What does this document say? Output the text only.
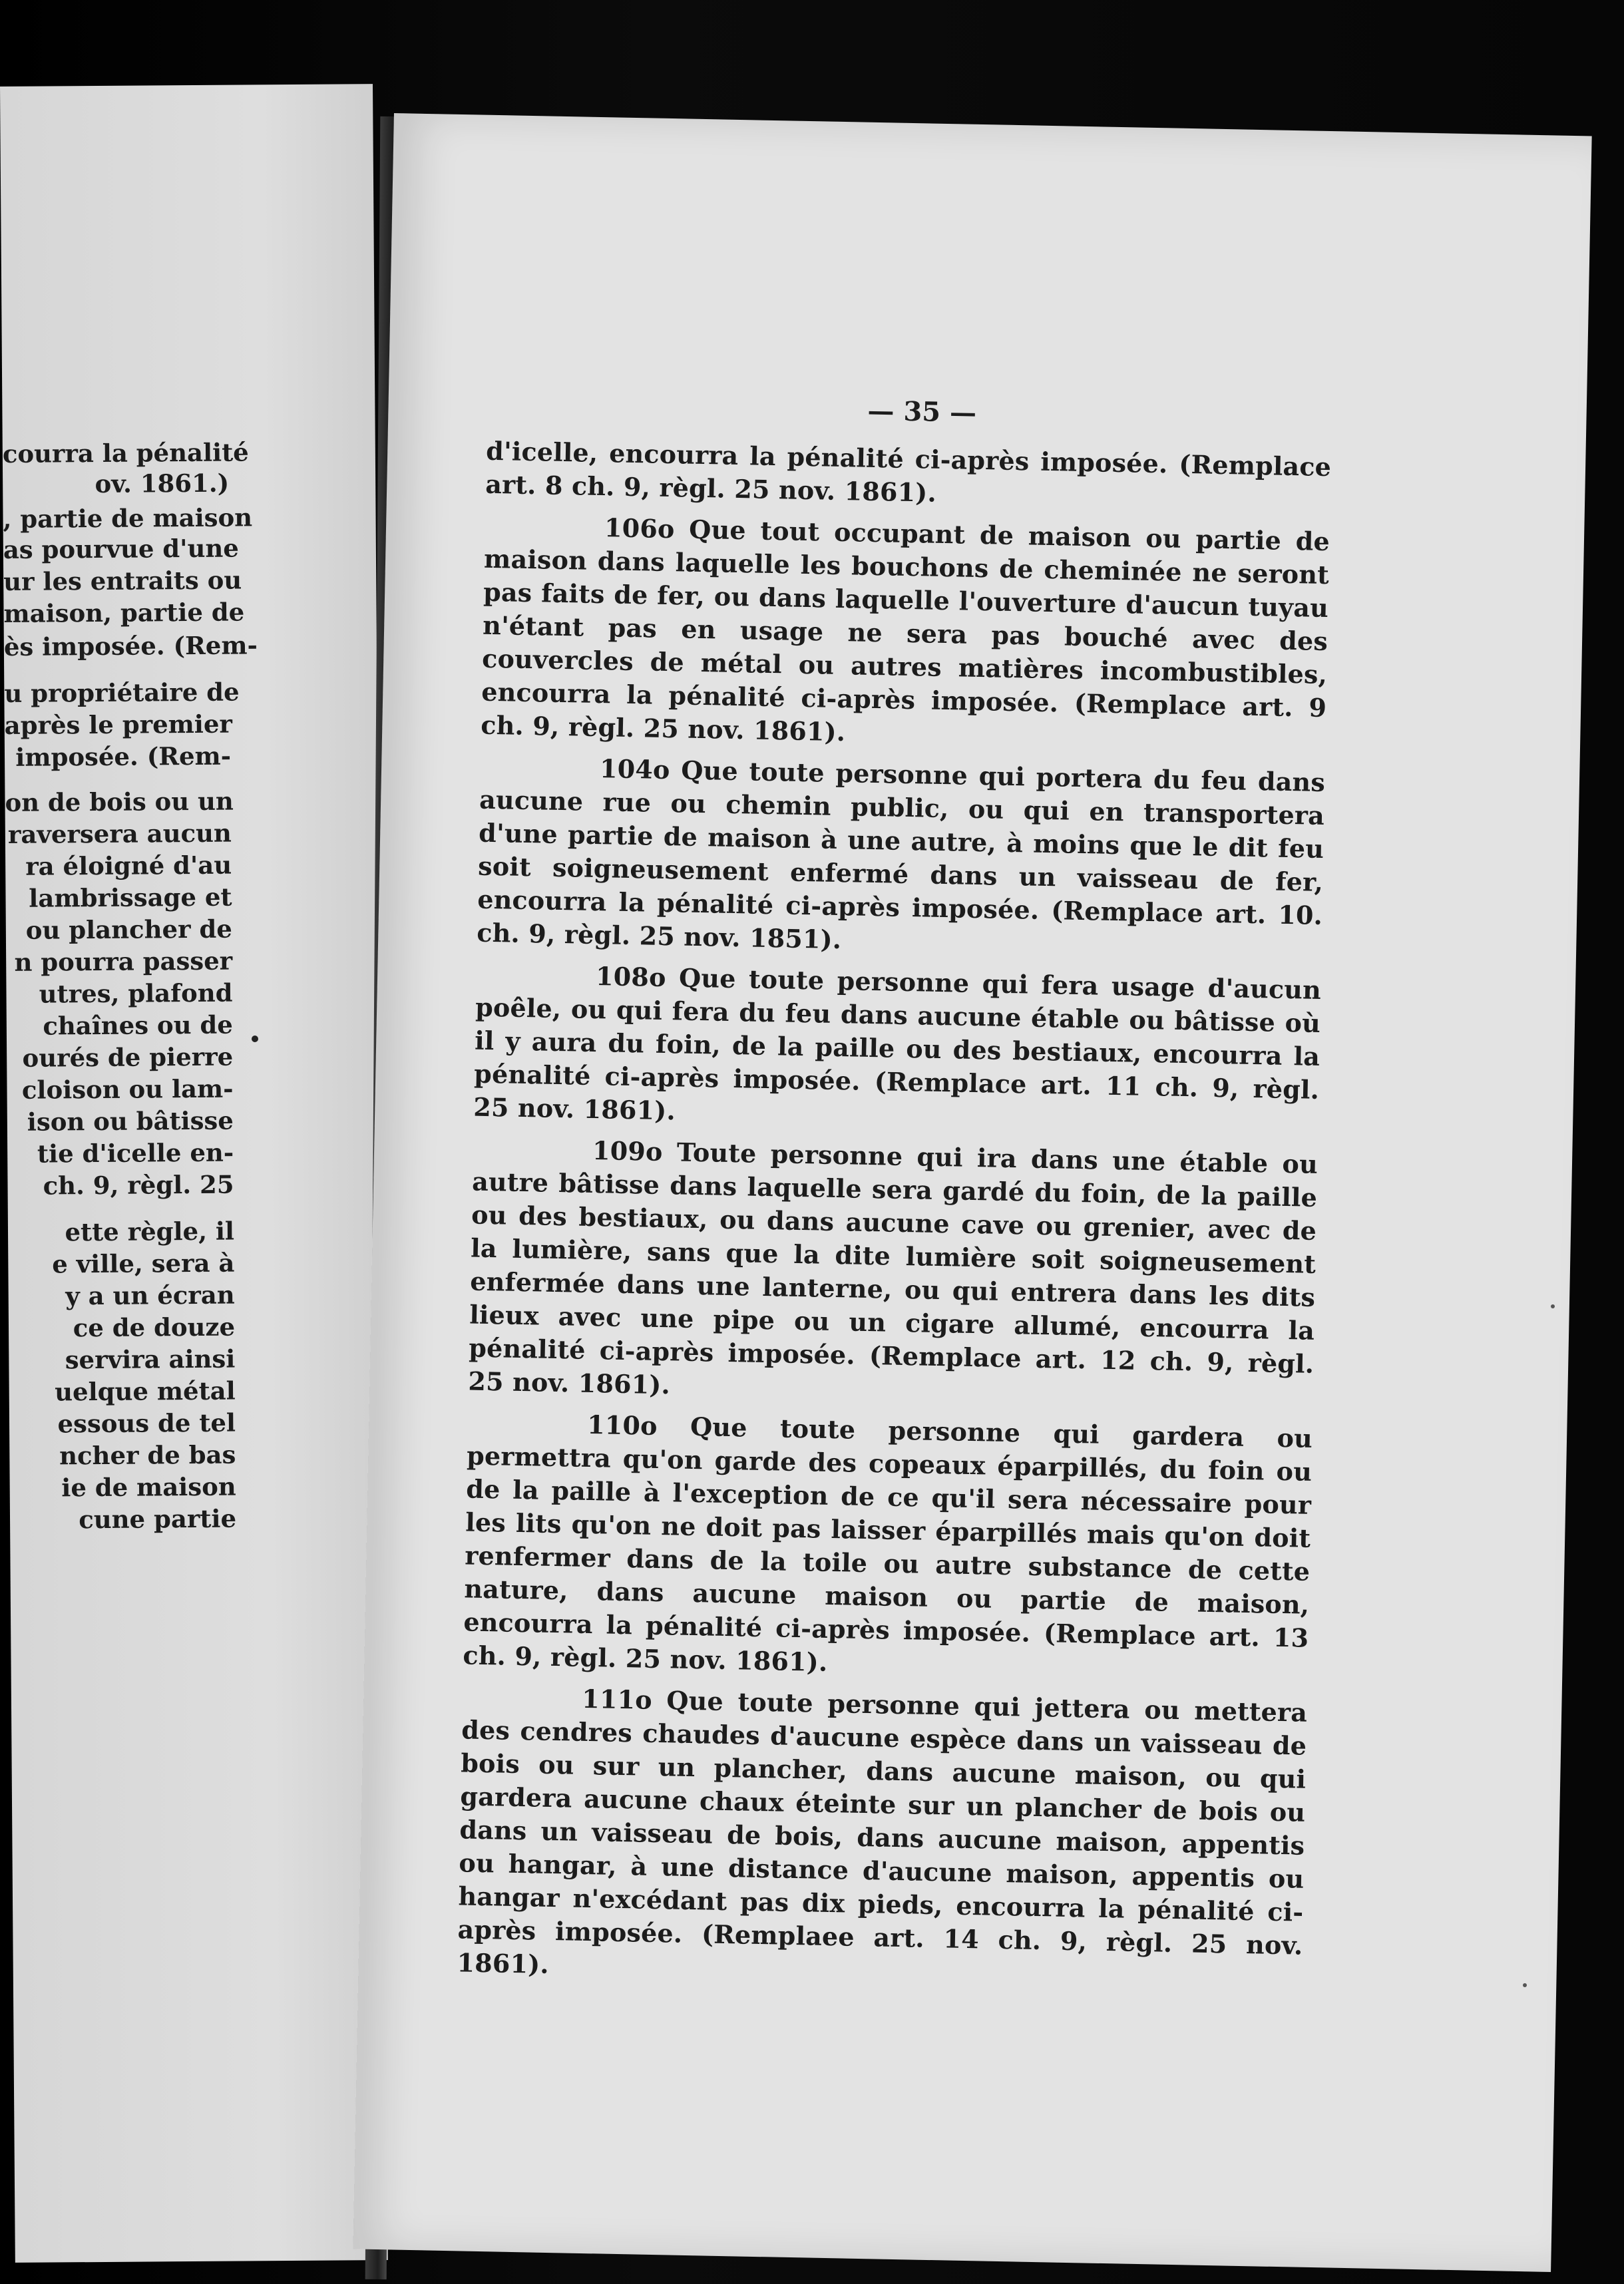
courra la pénalité
ov. 1861.)
, partie de maison
as pourvue d'une
ur les entraits ou
maison, partie de
ès imposée. (Rem-
u propriétaire de
après le premier
imposée. (Rem-
on de bois ou un
raversera aucun
ra éloigné d'au
lambrissage et
ou plancher de
n pourra passer
utres, plafond
chaînes ou de
ourés de pierre
cloison ou lam-
ison ou bâtisse
tie d'icelle en-
ch. 9, règl. 25
ette règle, il
e ville, sera à
y a un écran
ce de douze
servira ainsi
uelque métal
essous de tel
ncher de bas
ie de maison
cune partie
— 35 —

d'icelle, encourra la pénalité ci-après imposée. (Remplace art. 8 ch. 9, règl. 25 nov. 1861).

106o Que tout occupant de maison ou partie de maison dans laquelle les bouchons de cheminée ne seront pas faits de fer, ou dans laquelle l'ouverture d'aucun tuyau n'étant pas en usage ne sera pas bouché avec des couvercles de métal ou autres matières incombustibles, encourra la pénalité ci-après imposée. (Remplace art. 9 ch. 9, règl. 25 nov. 1861).

104o Que toute personne qui portera du feu dans aucune rue ou chemin public, ou qui en transportera d'une partie de maison à une autre, à moins que le dit feu soit soigneusement enfermé dans un vaisseau de fer, encourra la pénalité ci-après imposée. (Remplace art. 10. ch. 9, règl. 25 nov. 1851).

108o Que toute personne qui fera usage d'aucun poêle, ou qui fera du feu dans aucune étable ou bâtisse où il y aura du foin, de la paille ou des bestiaux, encourra la pénalité ci-après imposée. (Remplace art. 11 ch. 9, règl. 25 nov. 1861).

109o Toute personne qui ira dans une étable ou autre bâtisse dans laquelle sera gardé du foin, de la paille ou des bestiaux, ou dans aucune cave ou grenier, avec de la lumière, sans que la dite lumière soit soigneusement enfermée dans une lanterne, ou qui entrera dans les dits lieux avec une pipe ou un cigare allumé, encourra la pénalité ci-après imposée. (Remplace art. 12 ch. 9, règl. 25 nov. 1861).

110o Que toute personne qui gardera ou permettra qu'on garde des copeaux éparpillés, du foin ou de la paille à l'exception de ce qu'il sera nécessaire pour les lits qu'on ne doit pas laisser éparpillés mais qu'on doit renfermer dans de la toile ou autre substance de cette nature, dans aucune maison ou partie de maison, encourra la pénalité ci-après imposée. (Remplace art. 13 ch. 9, règl. 25 nov. 1861).

111o Que toute personne qui jettera ou mettera des cendres chaudes d'aucune espèce dans un vaisseau de bois ou sur un plancher, dans aucune maison, ou qui gardera aucune chaux éteinte sur un plancher de bois ou dans un vaisseau de bois, dans aucune maison, appentis ou hangar, à une distance d'aucune maison, appentis ou hangar n'excédant pas dix pieds, encourra la pénalité ci-après imposée. (Remplaee art. 14 ch. 9, règl. 25 nov. 1861).
